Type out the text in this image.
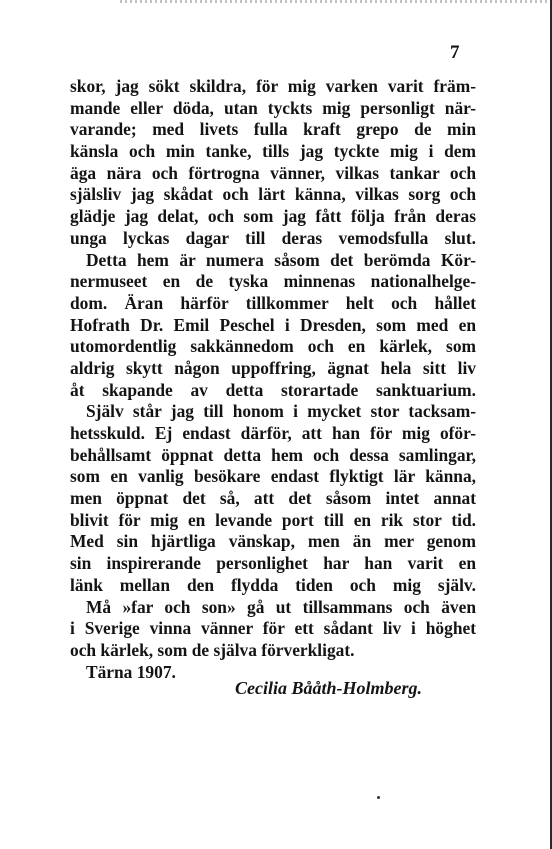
7
skor, jag sökt skildra, för mig varken varit främ-
mande eller döda, utan tyckts mig personligt när-
varande; med livets fulla kraft grepo de min
känsla och min tanke, tills jag tyckte mig i dem
äga nära och förtrogna vänner, vilkas tankar och
själsliv jag skådat och lärt känna, vilkas sorg och
glädje jag delat, och som jag fått följa från deras
unga lyckas dagar till deras vemodsfulla slut.
Detta hem är numera såsom det berömda Kör-
nermuseet en de tyska minnenas nationalhelge-
dom. Äran härför tillkommer helt och hållet
Hofrath Dr. Emil Peschel i Dresden, som med en
utomordentlig sakkännedom och en kärlek, som
aldrig skytt någon uppoffring, ägnat hela sitt liv
åt skapande av detta storartade sanktuarium.
Själv står jag till honom i mycket stor tacksam-
hetsskuld. Ej endast därför, att han för mig oför-
behållsamt öppnat detta hem och dessa samlingar,
som en vanlig besökare endast flyktigt lär känna,
men öppnat det så, att det såsom intet annat
blivit för mig en levande port till en rik stor tid.
Med sin hjärtliga vänskap, men än mer genom
sin inspirerande personlighet har han varit en
länk mellan den flydda tiden och mig själv.
Må »far och son» gå ut tillsammans och även
i Sverige vinna vänner för ett sådant liv i höghet
och kärlek, som de själva förverkligat.
Tärna 1907.
Cecilia Bååth-Holmberg.
